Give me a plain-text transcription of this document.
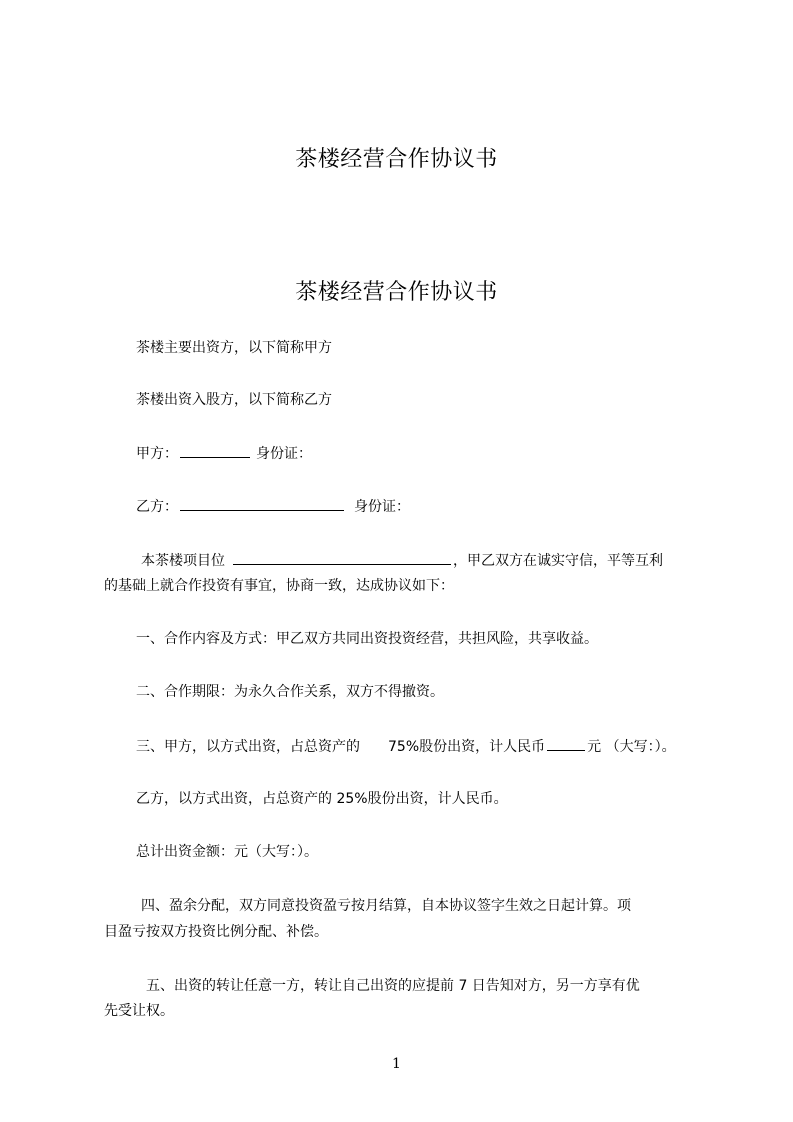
茶楼经营合作协议书
茶楼经营合作协议书
茶楼主要出资方，以下简称甲方
茶楼出资入股方，以下简称乙方
甲方：	身份证：
乙方：	身份证：
本茶楼项目位	，甲乙双方在诚实守信，平等互利
的基础上就合作投资有事宜，协商一致，达成协议如下：
一、合作内容及方式：甲乙双方共同出资投资经营，共担风险，共享收益。
二、合作期限：为永久合作关系，双方不得撤资。
三、甲方，以方式出资，占总资产的 75%股份出资，计人民币	元 （大写：）。
乙方，以方式出资，占总资产的 25%股份出资，计人民币。
总计出资金额：元（大写：）。
四、盈余分配，双方同意投资盈亏按月结算，自本协议签字生效之日起计算。项
目盈亏按双方投资比例分配、补偿。
五、出资的转让任意一方，转让自己出资的应提前 7 日告知对方，另一方享有优
先受让权。
1
